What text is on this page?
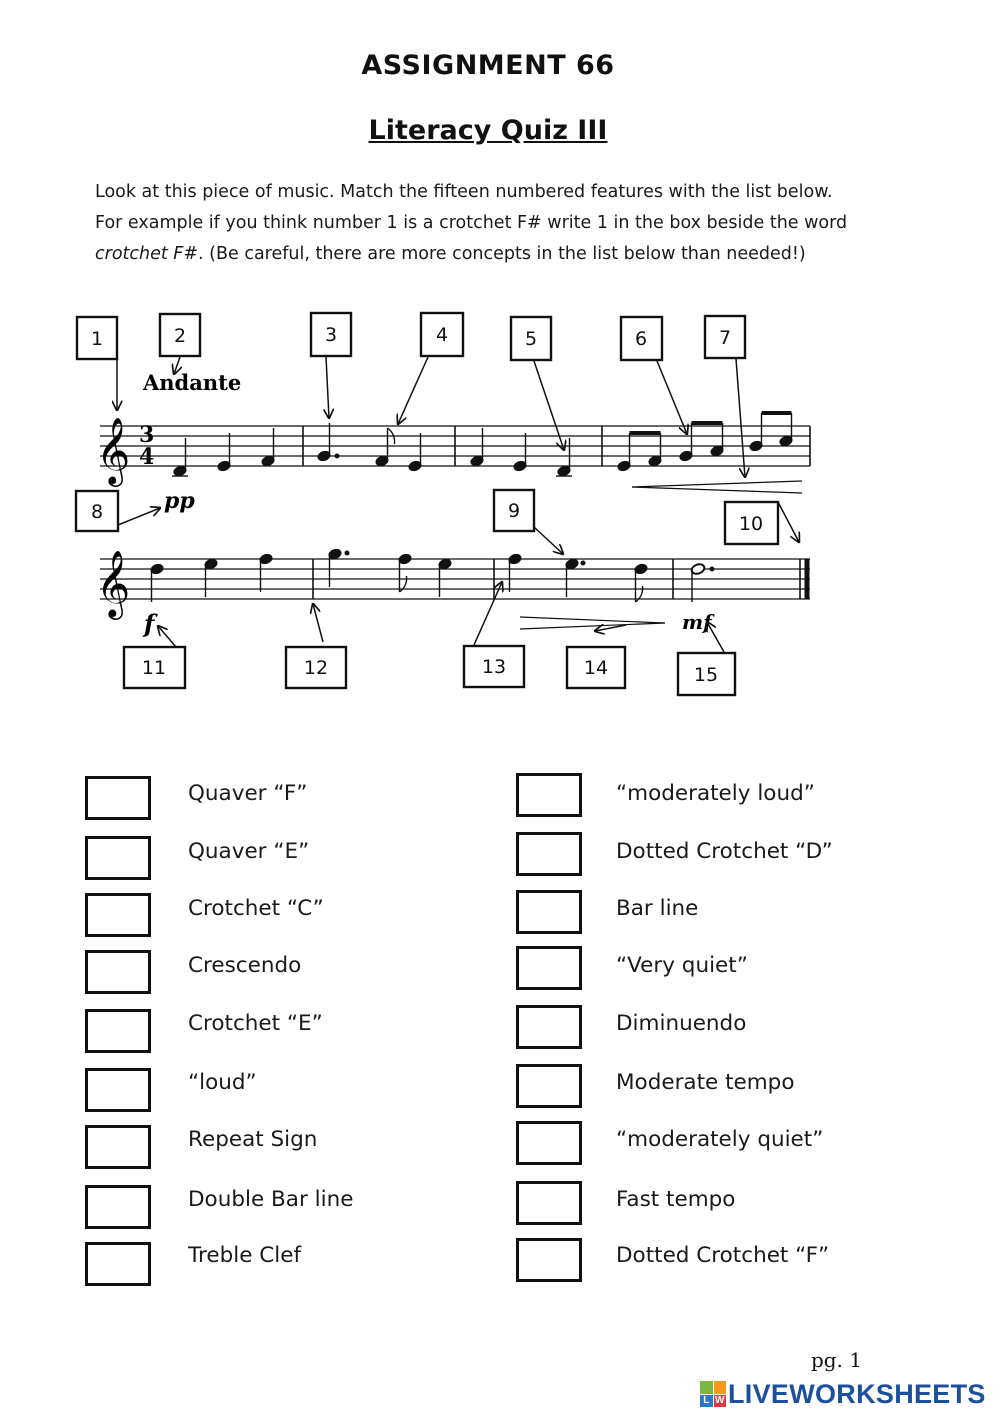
ASSIGNMENT 66
Literacy Quiz III
Look at this piece of music. Match the fifteen numbered features with the list below.
For example if you think number 1 is a crotchet F# write 1 in the box beside the word
crotchet F#. (Be careful, there are more concepts in the list below than needed!)
𝄞 3
4
Andante
pp
𝄞
f	mf
1	2	3	4	5	6	7
8	9
10
11	12	13	14	15
Quaver “F”
Quaver “E”
Crotchet “C”
Crescendo
Crotchet “E”
“loud”
Repeat Sign
Double Bar line
Treble Clef
“moderately loud”
Dotted Crotchet “D”
Bar line
“Very quiet”
Diminuendo
Moderate tempo
“moderately quiet”
Fast tempo
Dotted Crotchet “F”
pg. 1
L W LIVEWORKSHEETS
